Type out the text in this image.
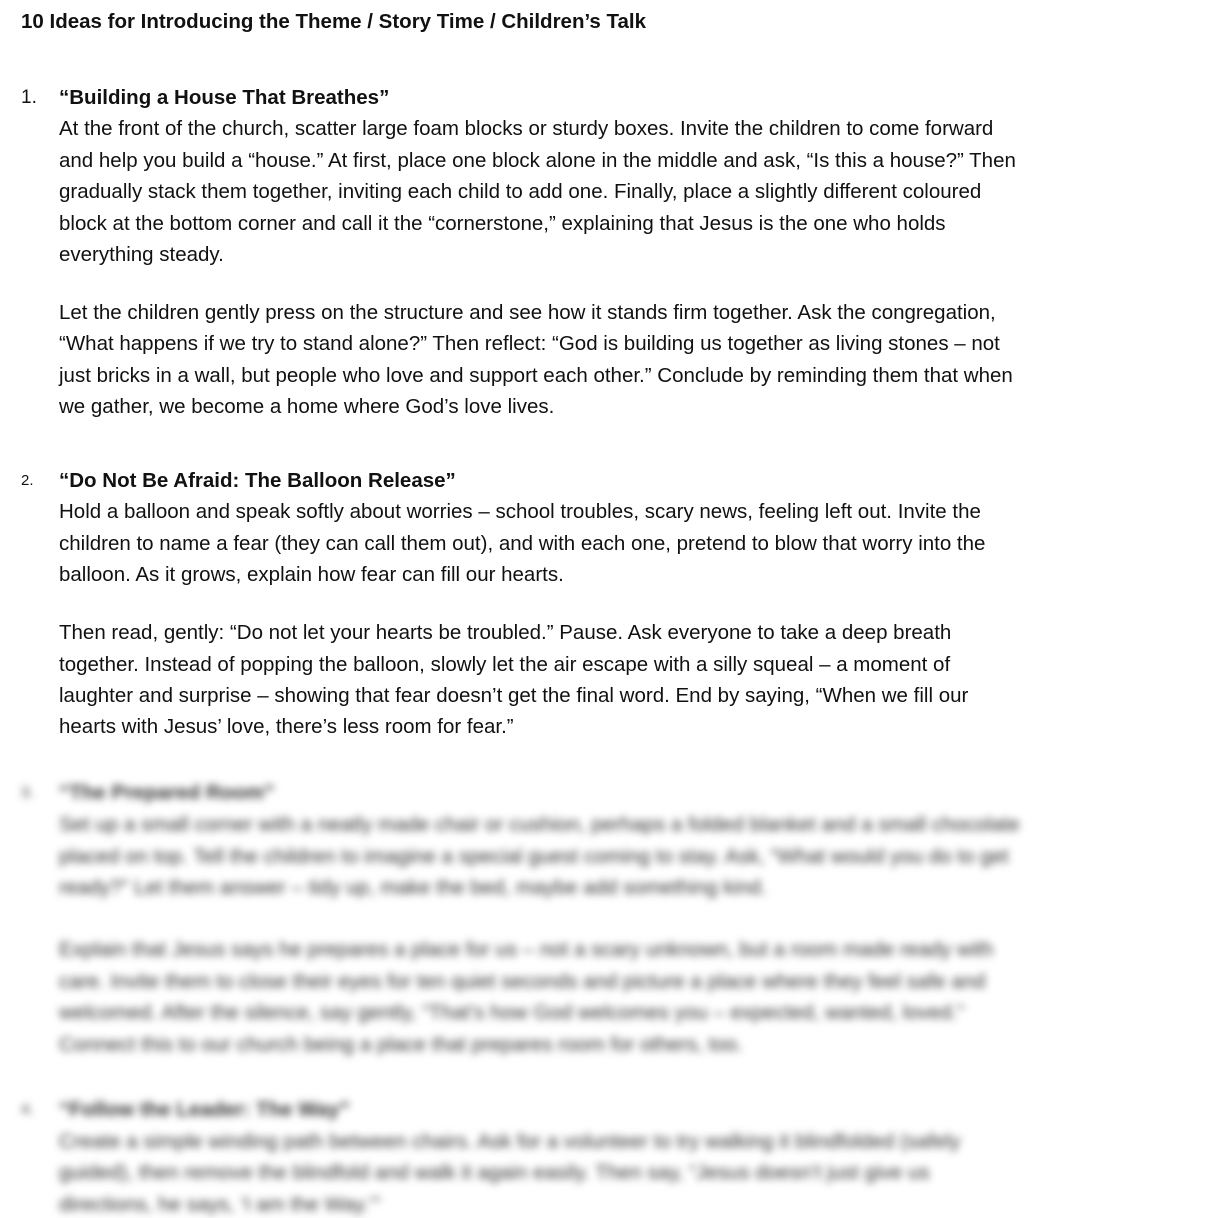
10 Ideas for Introducing the Theme / Story Time / Children’s Talk
1. “Building a House That Breathes”
At the front of the church, scatter large foam blocks or sturdy boxes. Invite the children to come forward
and help you build a “house.” At first, place one block alone in the middle and ask, “Is this a house?” Then
gradually stack them together, inviting each child to add one. Finally, place a slightly different coloured
block at the bottom corner and call it the “cornerstone,” explaining that Jesus is the one who holds
everything steady.
Let the children gently press on the structure and see how it stands firm together. Ask the congregation,
“What happens if we try to stand alone?” Then reflect: “God is building us together as living stones – not
just bricks in a wall, but people who love and support each other.” Conclude by reminding them that when
we gather, we become a home where God’s love lives.
2. “Do Not Be Afraid: The Balloon Release”
Hold a balloon and speak softly about worries – school troubles, scary news, feeling left out. Invite the
children to name a fear (they can call them out), and with each one, pretend to blow that worry into the
balloon. As it grows, explain how fear can fill our hearts.
Then read, gently: “Do not let your hearts be troubled.” Pause. Ask everyone to take a deep breath
together. Instead of popping the balloon, slowly let the air escape with a silly squeal – a moment of
laughter and surprise – showing that fear doesn’t get the final word. End by saying, “When we fill our
hearts with Jesus’ love, there’s less room for fear.”
3. “The Prepared Room”
Set up a small corner with a neatly made chair or cushion, perhaps a folded blanket and a small chocolate
placed on top. Tell the children to imagine a special guest coming to stay. Ask, “What would you do to get
ready?” Let them answer – tidy up, make the bed, maybe add something kind.
Explain that Jesus says he prepares a place for us – not a scary unknown, but a room made ready with
care. Invite them to close their eyes for ten quiet seconds and picture a place where they feel safe and
welcomed. After the silence, say gently, “That’s how God welcomes you – expected, wanted, loved.”
Connect this to our church being a place that prepares room for others, too.
4. “Follow the Leader: The Way”
Create a simple winding path between chairs. Ask for a volunteer to try walking it blindfolded (safely
guided), then remove the blindfold and walk it again easily. Then say, “Jesus doesn’t just give us
directions, he says, ‘I am the Way.’”
